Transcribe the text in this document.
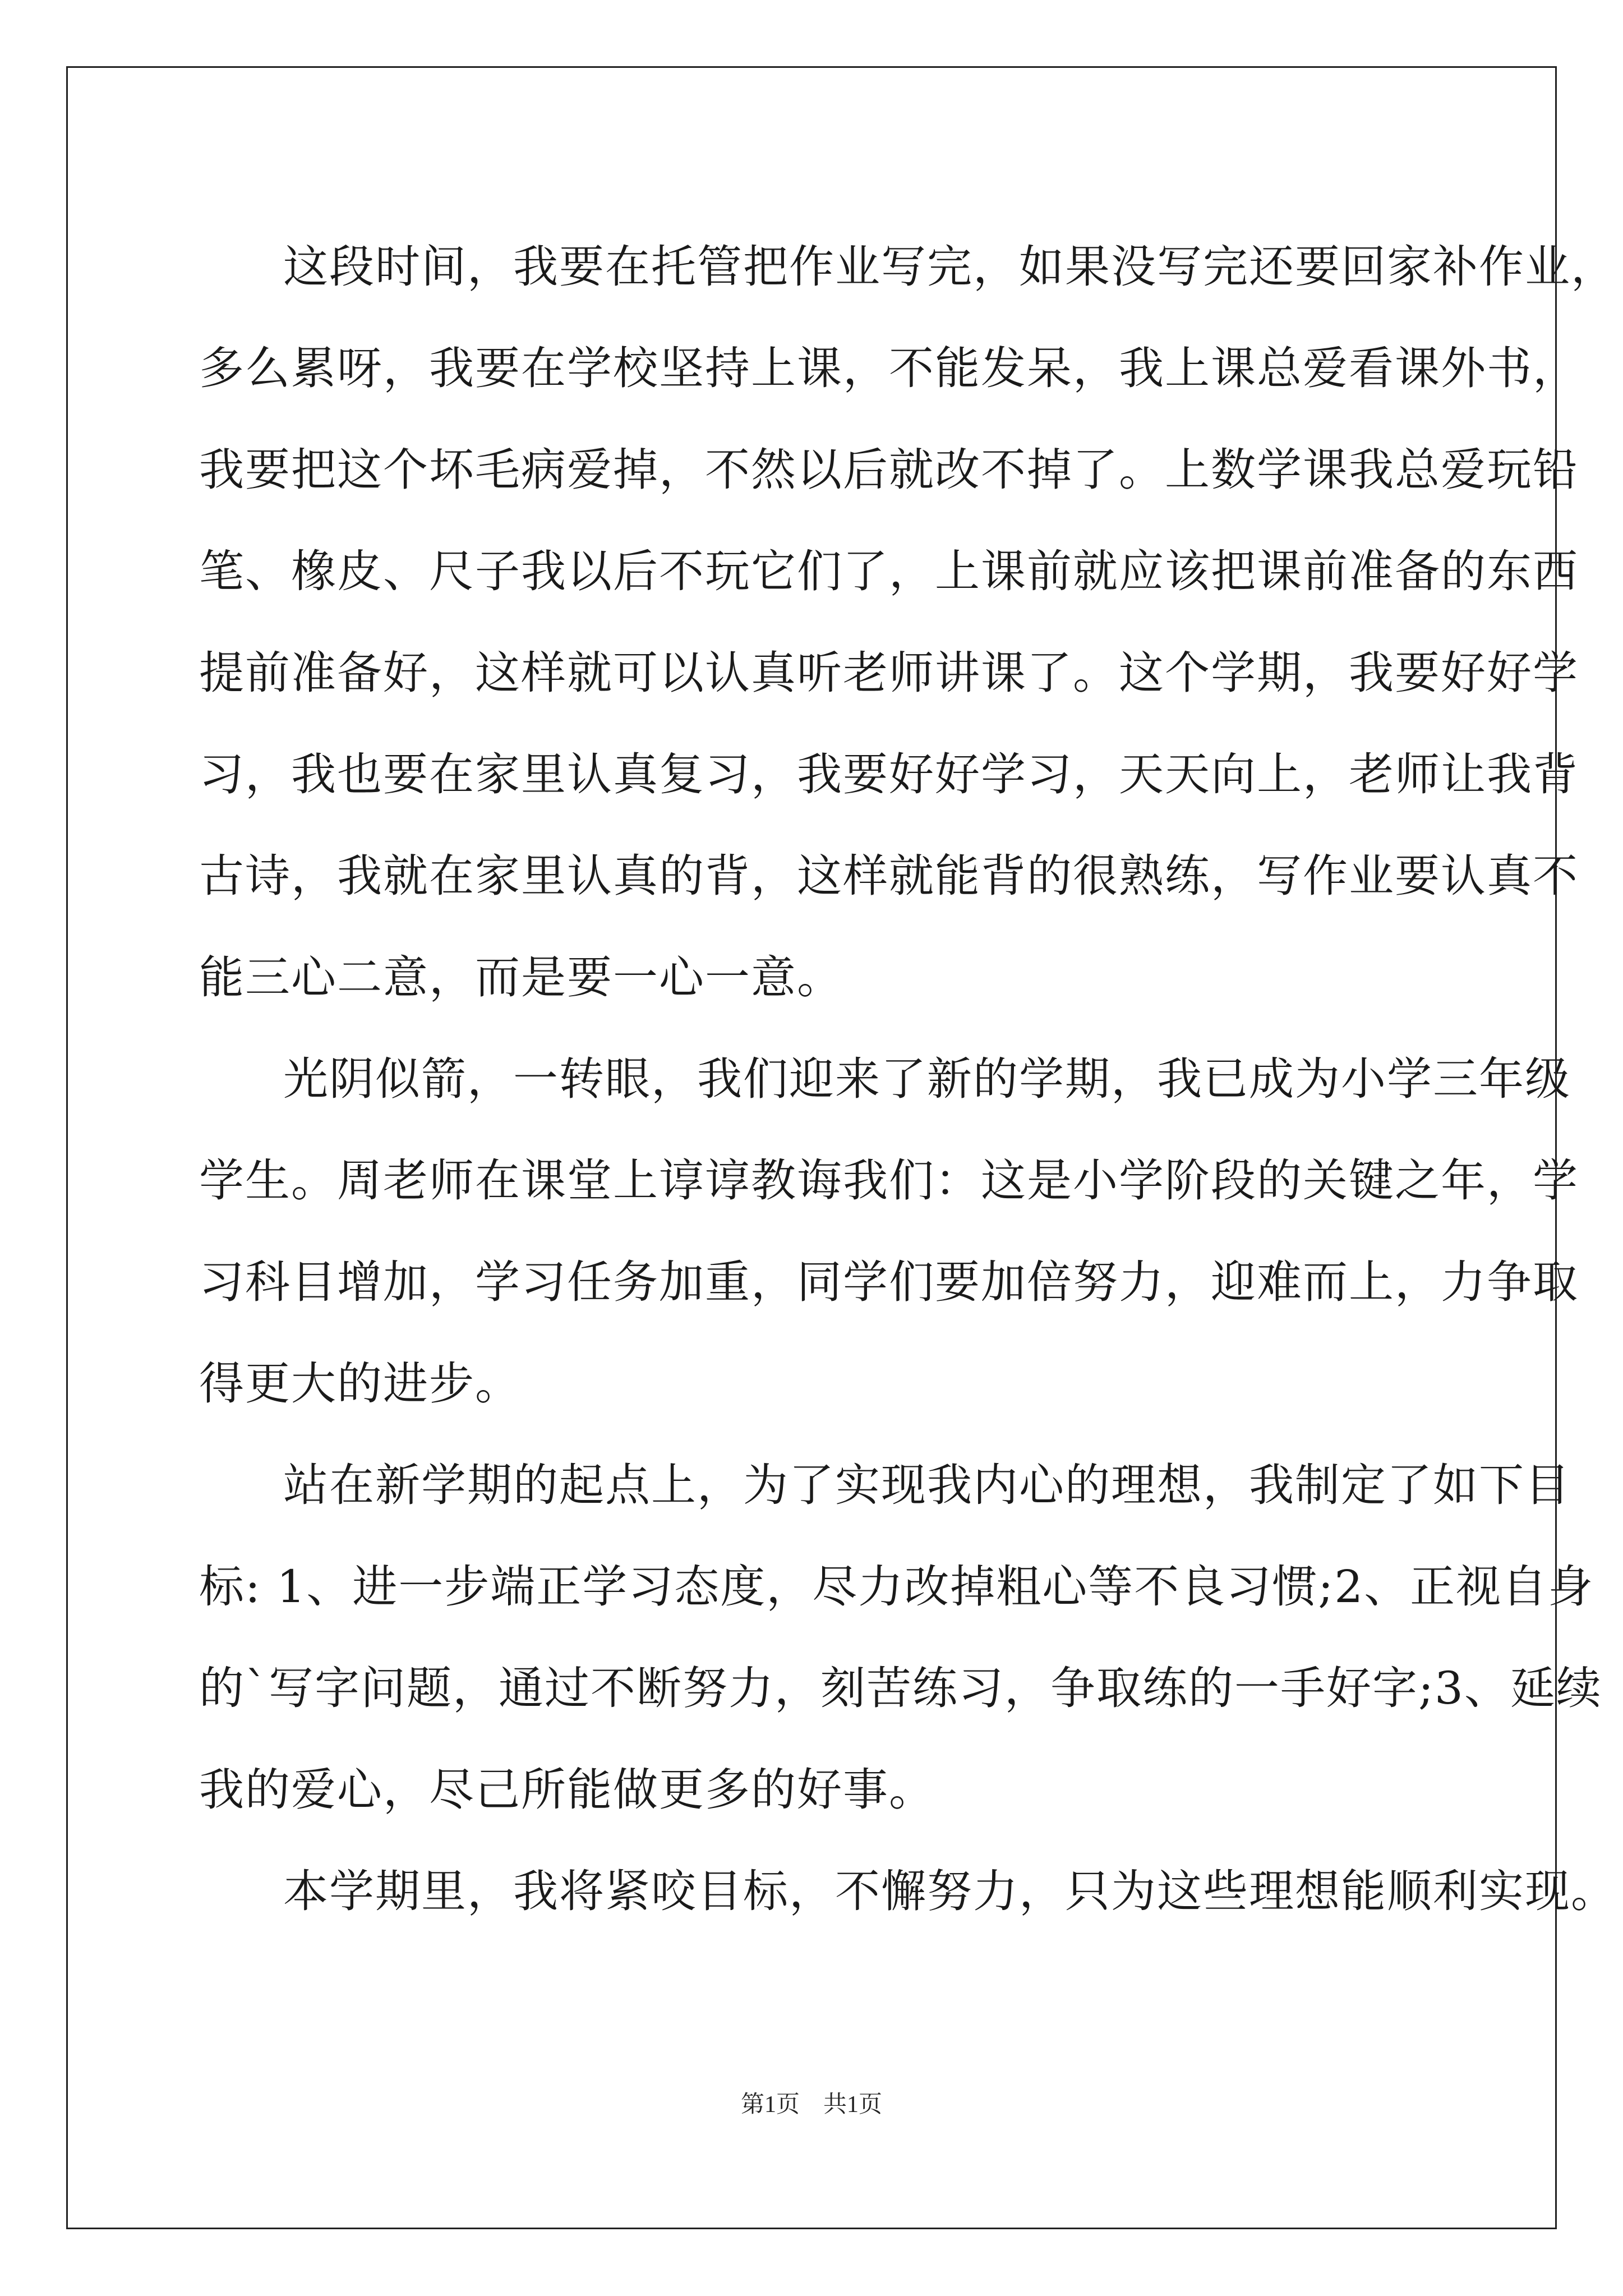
这段时间，我要在托管把作业写完，如果没写完还要回家补作业，
多么累呀，我要在学校坚持上课，不能发呆，我上课总爱看课外书，
我要把这个坏毛病爱掉，不然以后就改不掉了。上数学课我总爱玩铅
笔、橡皮、尺子我以后不玩它们了，上课前就应该把课前准备的东西
提前准备好，这样就可以认真听老师讲课了。这个学期，我要好好学
习，我也要在家里认真复习，我要好好学习，天天向上，老师让我背
古诗，我就在家里认真的背，这样就能背的很熟练，写作业要认真不
能三心二意，而是要一心一意。
光阴似箭，一转眼，我们迎来了新的学期，我已成为小学三年级
学生。周老师在课堂上谆谆教诲我们：这是小学阶段的关键之年，学
习科目增加，学习任务加重，同学们要加倍努力，迎难而上，力争取
得更大的进步。
站在新学期的起点上，为了实现我内心的理想，我制定了如下目
标: 1、进一步端正学习态度，尽力改掉粗心等不良习惯;2、正视自身
的`写字问题，通过不断努力，刻苦练习，争取练的一手好字;3、延续
我的爱心，尽己所能做更多的好事。
本学期里，我将紧咬目标，不懈努力，只为这些理想能顺利实现。
第1页　共1页
